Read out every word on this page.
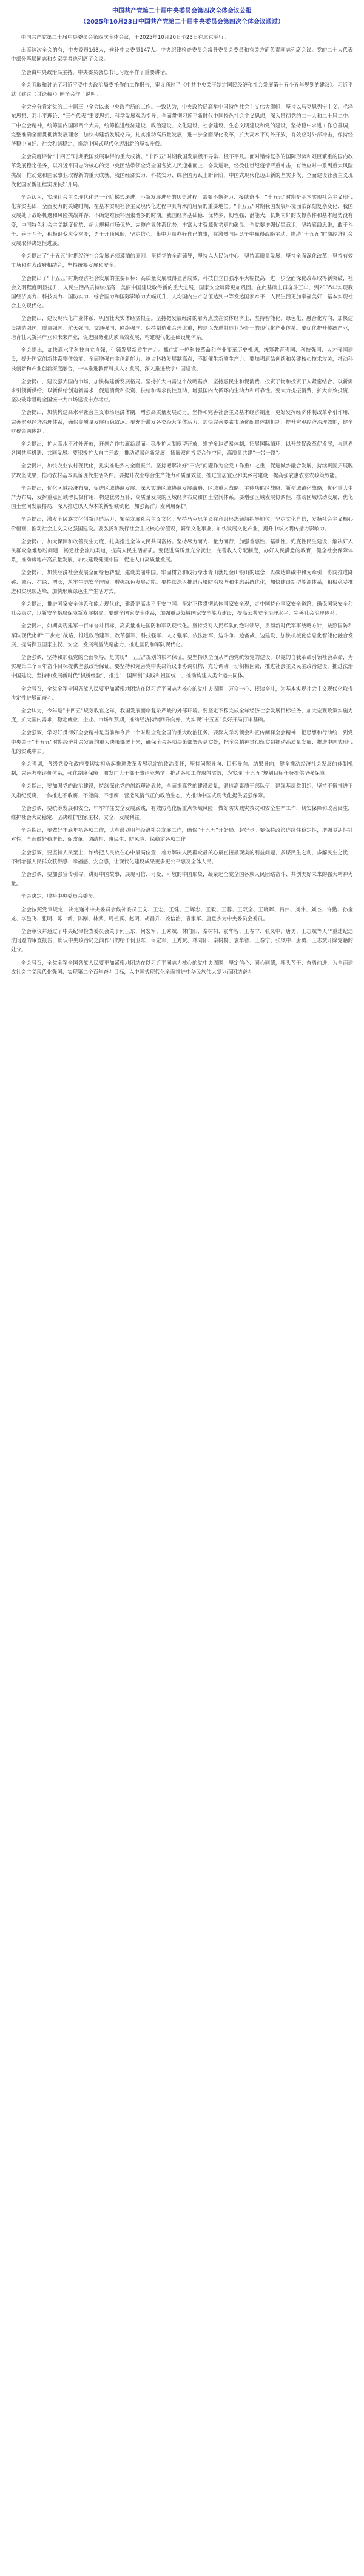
中国共产党第二十届中央委员会第四次全体会议公报
（2025年10月23日中国共产党第二十届中央委员会第四次全体会议通过）

中国共产党第二十届中央委员会第四次全体会议，于2025年10月20日至23日在北京举行。

出席这次全会的有，中央委员168人，候补中央委员147人。中央纪律检查委员会常务委员会委员和有关方面负责同志列席会议。党的二十大代表中部分基层同志和专家学者也列席了会议。

全会由中央政治局主持。中央委员会总书记习近平作了重要讲话。

全会听取和讨论了习近平受中央政治局委托作的工作报告，审议通过了《中共中央关于制定国民经济和社会发展第十五个五年规划的建议》。习近平就《建议（讨论稿）》向全会作了说明。

全会充分肯定党的二十届三中全会以来中央政治局的工作。一致认为，中央政治局高举中国特色社会主义伟大旗帜，坚持以马克思列宁主义、毛泽东思想、邓小平理论、“三个代表”重要思想、科学发展观为指导，全面贯彻习近平新时代中国特色社会主义思想，深入贯彻党的二十大和二十届二中、三中全会精神，统筹国内国际两个大局，统筹推进经济建设、政治建设、文化建设、社会建设、生态文明建设和党的建设，坚持稳中求进工作总基调，完整准确全面贯彻新发展理念，加快构建新发展格局，扎实推动高质量发展，进一步全面深化改革，扩大高水平对外开放，有效应对外部冲击，保持经济稳中向好、社会和谐稳定，推动中国式现代化迈出新的坚实步伐。

全会高度评价“十四五”时期我国发展取得的重大成就。“十四五”时期我国发展极不寻常、极不平凡。面对错综复杂的国际形势和艰巨繁重的国内改革发展稳定任务，以习近平同志为核心的党中央团结带领全党全国各族人民迎难而上、奋发进取，经受住世纪疫情严重冲击，有效应对一系列重大风险挑战，推动党和国家事业取得新的重大成就。我国经济实力、科技实力、综合国力跃上新台阶，中国式现代化迈出新的坚实步伐，全面建设社会主义现代化国家新征程实现良好开局。

全会认为，实现社会主义现代化是一个阶梯式递进、不断发展进步的历史过程，需要不懈努力、接续奋斗。“十五五”时期是基本实现社会主义现代化夯实基础、全面发力的关键时期，在基本实现社会主义现代化进程中具有承前启后的重要地位。“十五五”时期我国发展环境面临深刻复杂变化，我国发展处于战略机遇和风险挑战并存、不确定难预料因素增多的时期。我国经济基础稳、优势多、韧性强、潜能大，长期向好的支撑条件和基本趋势没有变，中国特色社会主义制度优势、超大规模市场优势、完整产业体系优势、丰富人才资源优势更加彰显。全党要增强忧患意识，坚持底线思维，敢于斗争、善于斗争，积极识变应变求变，勇于开顶风船，坚定信心、集中力量办好自己的事，在激烈国际竞争中赢得战略主动，推动“十五五”时期经济社会发展取得决定性进展。

全会提出了“十五五”时期经济社会发展必须遵循的原则：坚持党的全面领导，坚持以人民为中心，坚持高质量发展，坚持全面深化改革，坚持有效市场和有为政府相结合，坚持统筹发展和安全。

全会提出了“十五五”时期经济社会发展的主要目标：高质量发展取得显著成效，科技自立自强水平大幅提高，进一步全面深化改革取得新突破，社会文明程度明显提升，人民生活品质持续提高，美丽中国建设取得新的重大进展，国家安全屏障更加巩固。在此基础上再奋斗五年，到2035年实现我国经济实力、科技实力、国防实力、综合国力和国际影响力大幅跃升，人均国内生产总值达到中等发达国家水平，人民生活更加幸福美好，基本实现社会主义现代化。

全会提出，建设现代化产业体系，巩固壮大实体经济根基。坚持把发展经济的着力点放在实体经济上，坚持智能化、绿色化、融合化方向，加快建设制造强国、质量强国、航天强国、交通强国、网络强国，保持制造业合理比重，构建以先进制造业为骨干的现代化产业体系。要优化提升传统产业，培育壮大新兴产业和未来产业，促进服务业优质高效发展，构建现代化基础设施体系。

全会提出，加快高水平科技自立自强，引领发展新质生产力。抓住新一轮科技革命和产业变革历史机遇，统筹教育强国、科技强国、人才强国建设，提升国家创新体系整体效能，全面增强自主创新能力，抢占科技发展制高点，不断催生新质生产力。要加强原始创新和关键核心技术攻关，推动科技创新和产业创新深度融合，一体推进教育科技人才发展，深入推进数字中国建设。

全会提出，建设强大国内市场，加快构建新发展格局。坚持扩大内需这个战略基点，坚持惠民生和促消费、投资于物和投资于人紧密结合，以新需求引领新供给，以新供给创造新需求，促进消费和投资、供给和需求良性互动，增强国内大循环内生动力和可靠性。要大力提振消费，扩大有效投资，坚决破除阻碍全国统一大市场建设卡点堵点。

全会提出，加快构建高水平社会主义市场经济体制，增强高质量发展动力。坚持和完善社会主义基本经济制度，更好发挥经济体制改革牵引作用，完善宏观经济治理体系，确保高质量发展行稳致远。要充分激发各类经营主体活力，加快完善要素市场化配置体制机制，提升宏观经济治理效能，健全财税金融体制。

全会提出，扩大高水平对外开放，开创合作共赢新局面。稳步扩大制度型开放，维护多边贸易体制，拓展国际循环，以开放促改革促发展，与世界各国共享机遇、共同发展。要积极扩大自主开放，推动贸易创新发展，拓展双向投资合作空间，高质量共建“一带一路”。

全会提出，加快农业农村现代化，扎实推进乡村全面振兴。坚持把解决好“三农”问题作为全党工作重中之重，促进城乡融合发展，持续巩固拓展脱贫攻坚成果，推动农村基本具备现代生活条件。要提升农业综合生产能力和质量效益，推进宜居宜业和美乡村建设，提高强农惠农富农政策效能。

全会提出，优化区域经济布局，促进区域协调发展。深入实施区域协调发展战略、区域重大战略、主体功能区战略、新型城镇化战略，优化重大生产力布局，发挥重点区域增长极作用，构建优势互补、高质量发展的区域经济布局和国土空间体系。要增强区域发展协调性，推动区域联动发展，优化国土空间发展格局，深入推进以人为本的新型城镇化，加强海洋开发利用保护。

全会提出，激发全民族文化创新创造活力，繁荣发展社会主义文化。坚持马克思主义在意识形态领域指导地位，坚定文化自信，发扬社会主义核心价值观，推动社会主义文化强国建设。要弘扬和践行社会主义核心价值观，繁荣文化事业，加快发展文化产业，提升中华文明传播力影响力。

全会提出，加大保障和改善民生力度，扎实推进全体人民共同富裕。坚持尽力而为、量力而行，加强普惠性、基础性、兜底性民生建设，解决好人民群众急难愁盼问题，畅通社会流动渠道，提高人民生活品质。要促进高质量充分就业，完善收入分配制度，办好人民满意的教育，健全社会保障体系，推动房地产高质量发展，加快建设健康中国，促进人口高质量发展。

全会提出，加快经济社会发展全面绿色转型，建设美丽中国。牢固树立和践行绿水青山就是金山银山的理念，以碳达峰碳中和为牵引，协同推进降碳、减污、扩绿、增长，筑牢生态安全屏障，增强绿色发展动能。要持续深入推进污染防治攻坚和生态系统优化，加快建设新型能源体系，积极稳妥推进和实现碳达峰，加快形成绿色生产生活方式。

全会提出，推进国家安全体系和能力现代化，建设更高水平平安中国。坚定不移贯彻总体国家安全观，走中国特色国家安全道路，确保国家安全和社会稳定，以新安全格局保障新发展格局。要健全国家安全体系，加强重点领域国家安全能力建设，提高公共安全治理水平，完善社会治理体系。

全会提出，如期实现建军一百年奋斗目标，高质量推进国防和军队现代化。坚持党对人民军队的绝对领导，贯彻新时代军事战略方针，按照国防和军队现代化新“三步走”战略，推进政治建军、改革强军、科技强军、人才强军、依法治军，边斗争、边备战、边建设，加快机械化信息化智能化融合发展，提高捍卫国家主权、安全、发展利益战略能力，推进国防和军队现代化。

全会强调，坚持和加强党的全面领导，是实现“十五五”规划的根本保证。要坚持以全面从严治党统领党的建设，以党的自我革命引领社会革命，为实现第二个百年奋斗目标提供坚强政治保证。要坚持和完善党中央决策议事协调机构，充分调动一切积极因素，推进社会主义民主政治建设，推进法治中国建设，坚持和发展新时代“枫桥经验”，推进“一国两制”实践和祖国统一，推动构建人类命运共同体。

全会号召，全党全军全国各族人民要更加紧密地团结在以习近平同志为核心的党中央周围，万众一心、接续奋斗，为基本实现社会主义现代化取得决定性进展而奋斗。

全会认为，今年是“十四五”规划收官之年，我国发展面临复杂严峻的外部环境。要坚定不移完成全年经济社会发展目标任务，加大宏观政策实施力度，扩大国内需求，稳定就业、企业、市场和预期，推动经济持续回升向好，为实现“十五五”良好开局打牢基础。

全会强调，学习好贯彻好全会精神是当前和今后一个时期全党全国的重大政治任务。要深入学习领会和宣传阐释全会精神，把思想和行动统一到党中央关于“十五五”时期经济社会发展的重大决策部署上来，确保全会各项决策部署落到实处，把全会精神贯彻落实到推动高质量发展、推进中国式现代化的实践中去。

全会强调，各级党委和政府要切实担负起推进改革发展稳定的政治责任，坚持问题导向、目标导向、结果导向，健全推动经济社会发展的体制机制，完善考核评价体系，强化制度保障，激发广大干部干事创业热情，推动各项工作取得实效，为实现“十五五”规划目标任务提供坚强保障。

全会指出，要加强党的政治建设，持续深化党的创新理论武装，全面提高党的建设质量，锻造高素质干部队伍，建强基层党组织，坚持不懈推进正风肃纪反腐，一体推进不敢腐、不能腐、不想腐，营造风清气正的政治生态，为推动中国式现代化提供坚强保障。

全会强调，要统筹发展和安全，牢牢守住安全发展底线，有效防范化解重点领域风险，做好防灾减灾救灾和安全生产工作，切实保障和改善民生，维护社会大局稳定，坚决维护国家主权、安全、发展利益。

全会指出，要做好年底年初各项工作，认真谋划明年经济社会发展工作，确保“十五五”开好局、起好步。要保持政策连续性稳定性，增强灵活性针对性，全面做好稳增长、促改革、调结构、惠民生、防风险、保稳定各项工作。

全会强调，要坚持人民至上，始终把人民放在心中最高位置，着力解决人民群众最关心最直接最现实的利益问题，多谋民生之利，多解民生之忧，不断增强人民群众获得感、幸福感、安全感，让现代化建设成果更多更公平惠及全体人民。

全会强调，要加强宣传引导，讲好中国故事，展现可信、可爱、可敬的中国形象，凝聚起全党全国各族人民团结奋斗、共创美好未来的强大精神力量。

全会决定，增补中央委员会委员。

全会按照党章规定，决定递补中央委员会候补委员王文、王宏、王健、王辉忠、王毅、王蓉、王双全、王晓晖、吕伟、刘伟、刘杰、许勤、孙金龙、李邑飞、张明、陈一新、陈刚、林武、周祖翼、赵明、胡昌升、姜信治、袁家军、唐登杰为中央委员会委员。

全会审议并通过了中央纪律检查委员会关于何卫东、何宏军、王秀斌、林向阳、秦树桐、袁华智、王春宁、张凤中、唐勇、王志斌等人严重违纪违法问题的审查报告，确认中央政治局之前作出的给予何卫东、何宏军、王秀斌、林向阳、秦树桐、袁华智、王春宁、张凤中、唐勇、王志斌开除党籍的处分。

全会号召，全党全军全国各族人民要更加紧密地团结在以习近平同志为核心的党中央周围，坚定信心、同心同德，埋头苦干、奋勇前进，为全面建成社会主义现代化强国、实现第二个百年奋斗目标，以中国式现代化全面推进中华民族伟大复兴而团结奋斗！
